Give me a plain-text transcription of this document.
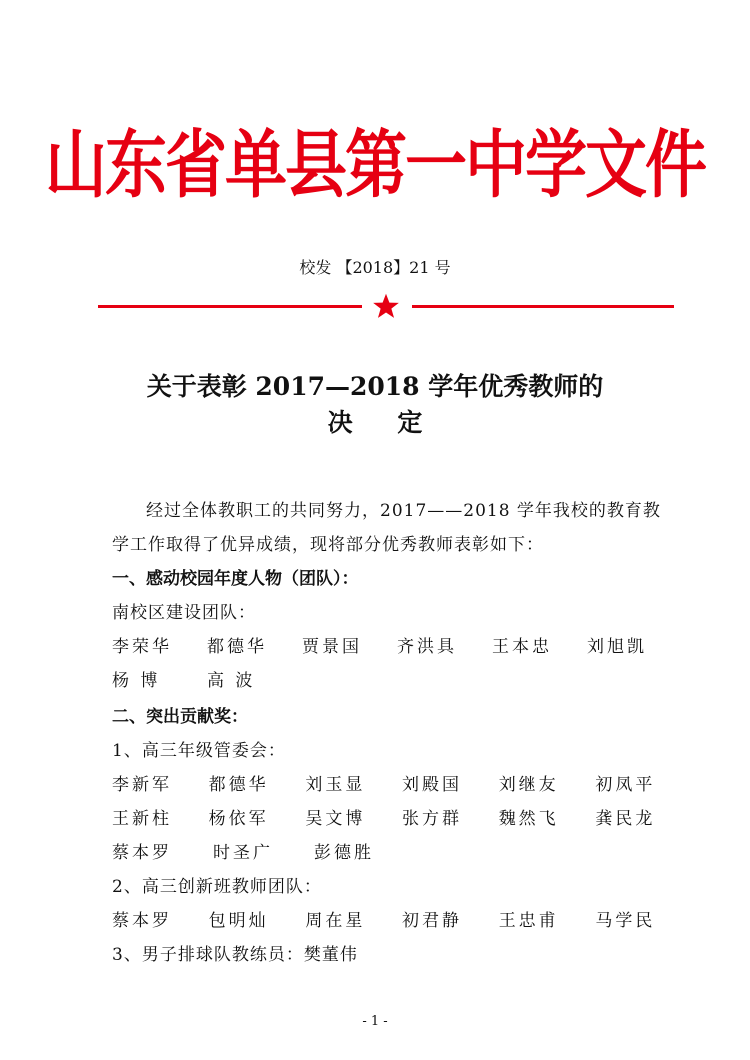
山东省单县第一中学文件
校发 【2018】21 号
关于表彰 2017—2018 学年优秀教师的
决 定
经过全体教职工的共同努力，2017——2018 学年我校的教育教学工作取得了优异成绩，现将部分优秀教师表彰如下：
一、感动校园年度人物（团队）：
南校区建设团队：
李荣华	都德华	贾景国	齐洪具	王本忠	刘旭凯
杨 博	高 波
二、突出贡献奖：
1、高三年级管委会：
李新军	都德华	刘玉显	刘殿国	刘继友	初凤平
王新柱	杨依军	吴文博	张方群	魏然飞	龚民龙
蔡本罗	时圣广	彭德胜
2、高三创新班教师团队：
蔡本罗	包明灿	周在星	初君静	王忠甫	马学民
3、男子排球队教练员：樊董伟
- 1 -
